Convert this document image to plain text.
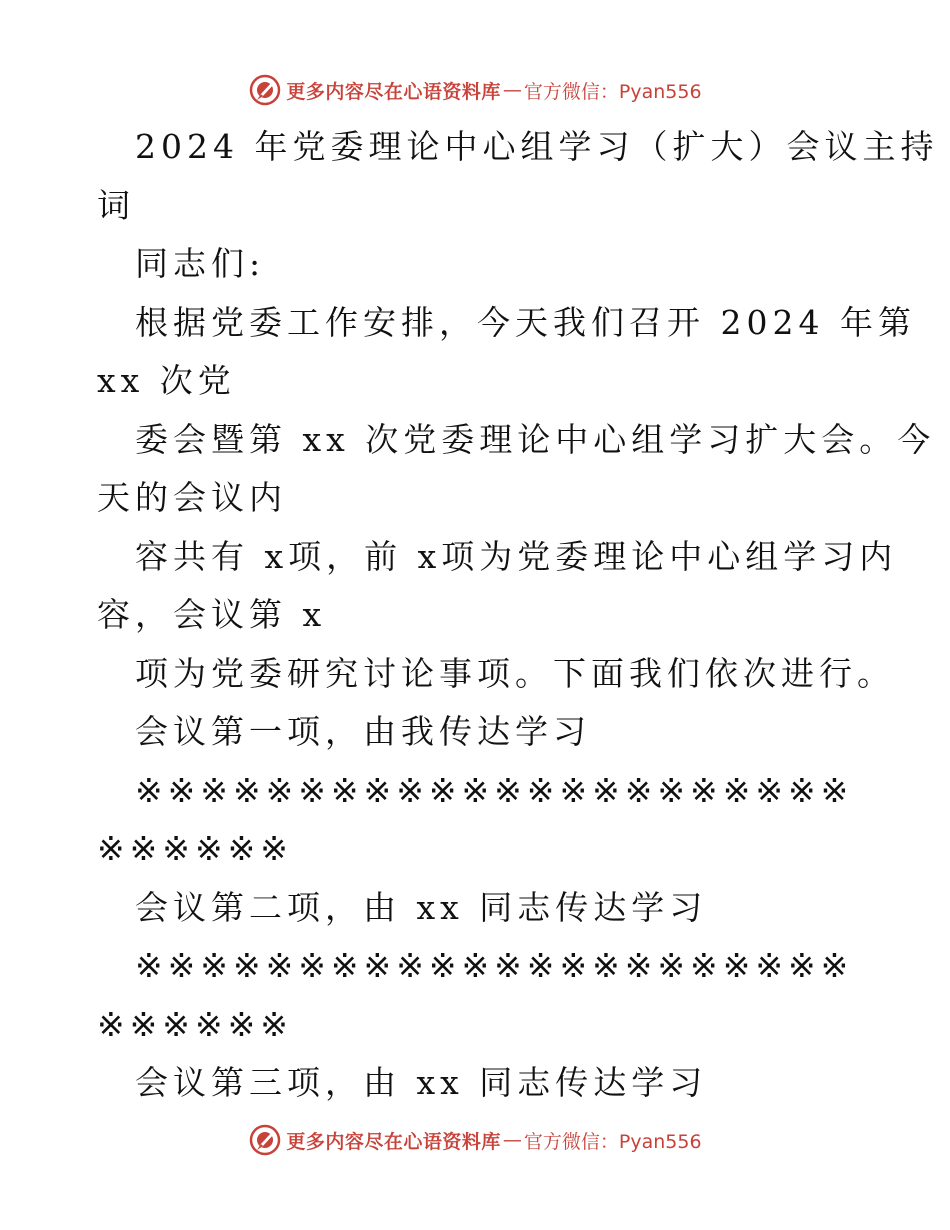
更多内容尽在心语资料库 — 官方微信：Pyan556
2024 年党委理论中心组学习（扩大）会议主持
词
同志们:
根据党委工作安排，今天我们召开 2024 年第
xx 次党
委会暨第 xx 次党委理论中心组学习扩大会。今
天的会议内
容共有 x项，前 x项为党委理论中心组学习内
容，会议第 x
项为党委研究讨论事项。下面我们依次进行。
会议第一项，由我传达学习
※※※※※※※※※※※※※※※※※※※※※※
※※※※※※
会议第二项，由 xx 同志传达学习
※※※※※※※※※※※※※※※※※※※※※※
※※※※※※
会议第三项，由 xx 同志传达学习
更多内容尽在心语资料库 — 官方微信：Pyan556
